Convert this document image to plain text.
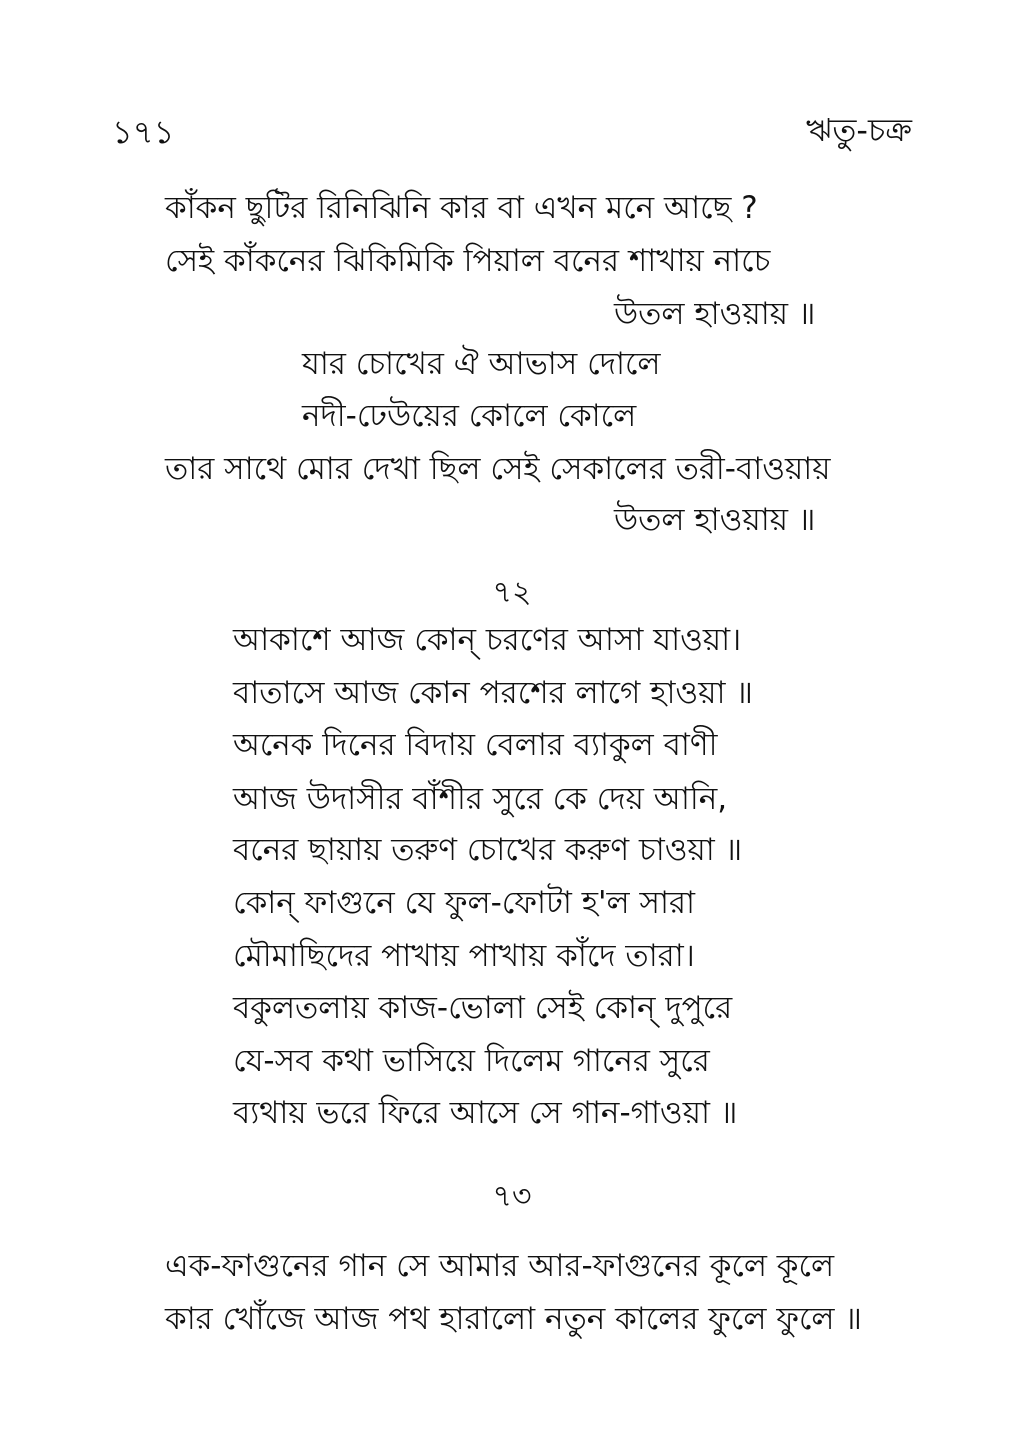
১৭১	ঋতু-চক্র
কাঁকন ছুটির রিনিঝিনি কার বা এখন মনে আছে ?
সেই কাঁকনের ঝিকিমিকি পিয়াল বনের শাখায় নাচে
উতল হাওয়ায় ॥
যার চোখের ঐ আভাস দোলে
নদী-ঢেউয়ের কোলে কোলে
তার সাথে মোর দেখা ছিল সেই সেকালের তরী-বাওয়ায়
উতল হাওয়ায় ॥
৭২
আকাশে আজ কোন্ চরণের আসা যাওয়া।
বাতাসে আজ কোন পরশের লাগে হাওয়া ॥
অনেক দিনের বিদায় বেলার ব্যাকুল বাণী
আজ উদাসীর বাঁশীর সুরে কে দেয় আনি,
বনের ছায়ায় তরুণ চোখের করুণ চাওয়া ॥
কোন্ ফাগুনে যে ফুল-ফোটা হ'ল সারা
মৌমাছিদের পাখায় পাখায় কাঁদে তারা।
বকুলতলায় কাজ-ভোলা সেই কোন্ দুপুরে
যে-সব কথা ভাসিয়ে দিলেম গানের সুরে
ব্যথায় ভরে ফিরে আসে সে গান-গাওয়া ॥
৭৩
এক-ফাগুনের গান সে আমার আর-ফাগুনের কূলে কূলে
কার খোঁজে আজ পথ হারালো নতুন কালের ফুলে ফুলে ॥
